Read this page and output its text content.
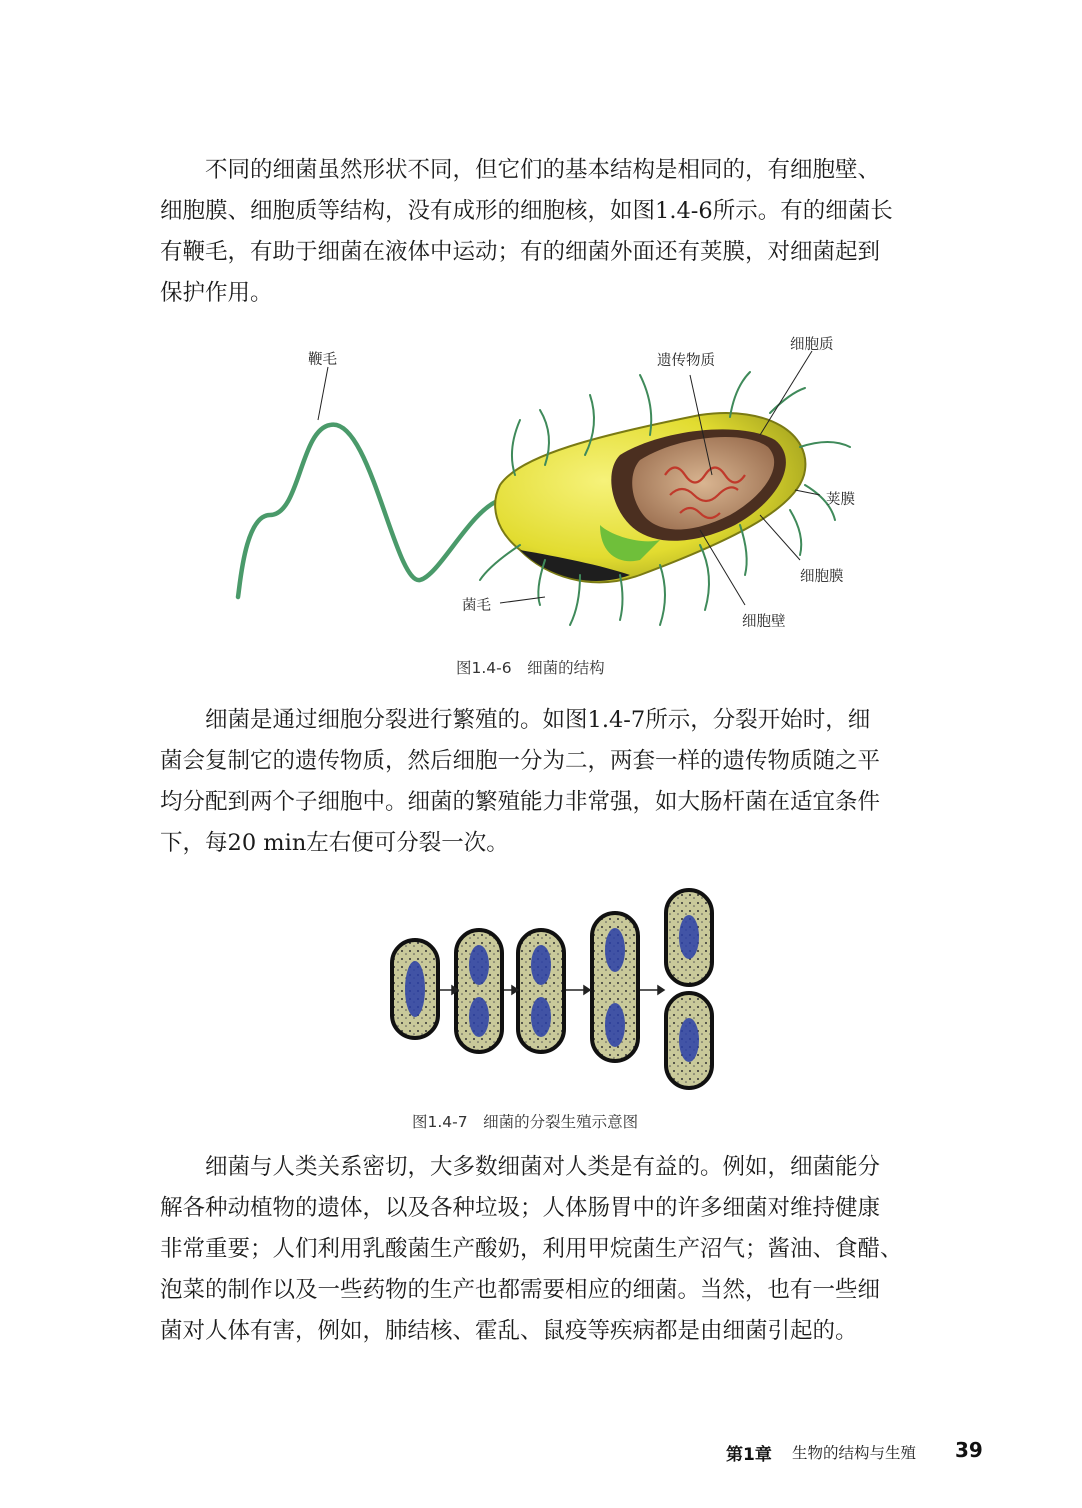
不同的细菌虽然形状不同，但它们的基本结构是相同的，有细胞壁、
细胞膜、细胞质等结构，没有成形的细胞核，如图1.4-6所示。有的细菌长
有鞭毛，有助于细菌在液体中运动；有的细菌外面还有荚膜，对细菌起到
保护作用。
鞭毛	遗传物质
细胞质
荚膜
细胞膜
细胞壁
菌毛
图1.4-6　细菌的结构
细菌是通过细胞分裂进行繁殖的。如图1.4-7所示，分裂开始时，细
菌会复制它的遗传物质，然后细胞一分为二，两套一样的遗传物质随之平
均分配到两个子细胞中。细菌的繁殖能力非常强，如大肠杆菌在适宜条件
下，每20 min左右便可分裂一次。
图1.4-7　细菌的分裂生殖示意图
细菌与人类关系密切，大多数细菌对人类是有益的。例如，细菌能分
解各种动植物的遗体，以及各种垃圾；人体肠胃中的许多细菌对维持健康
非常重要；人们利用乳酸菌生产酸奶，利用甲烷菌生产沼气；酱油、食醋、
泡菜的制作以及一些药物的生产也都需要相应的细菌。当然，也有一些细
菌对人体有害，例如，肺结核、霍乱、鼠疫等疾病都是由细菌引起的。
第1章 生物的结构与生殖 39
